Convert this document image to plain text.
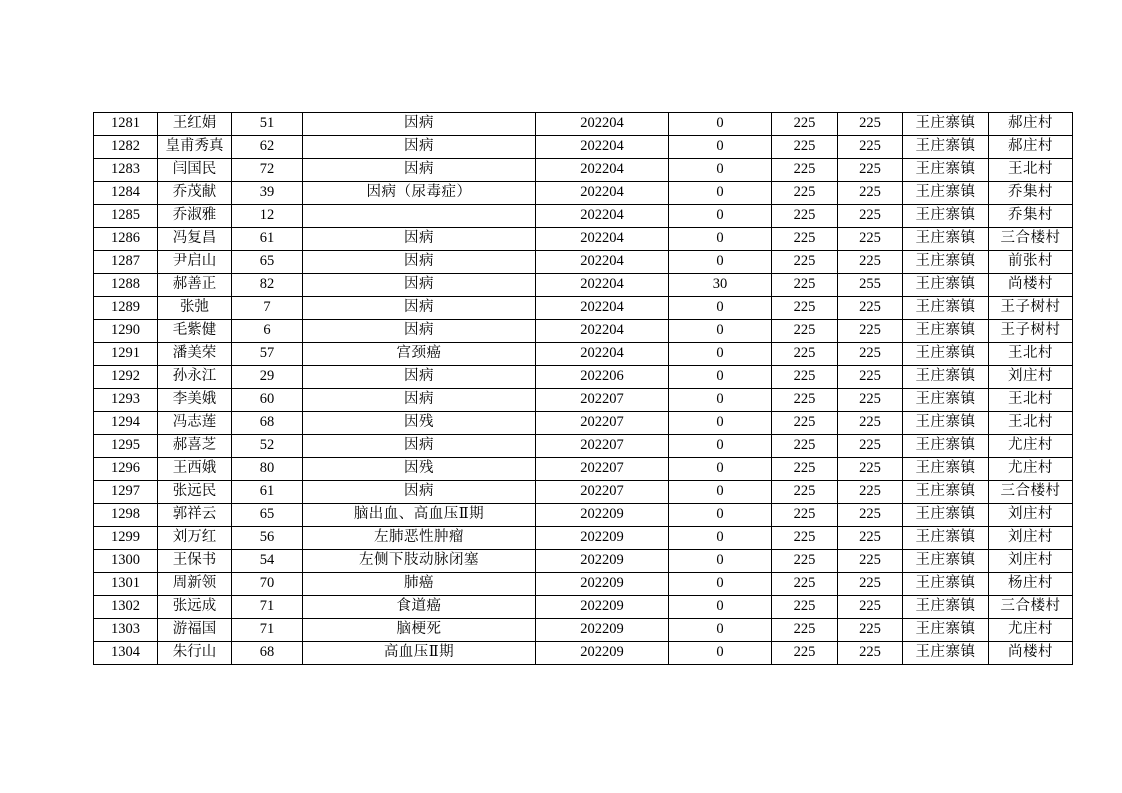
1281	王红娟	51	因病	202204	0	225	225	王庄寨镇	郝庄村
1282	皇甫秀真	62	因病	202204	0	225	225	王庄寨镇	郝庄村
1283	闫国民	72	因病	202204	0	225	225	王庄寨镇	王北村
1284	乔茂献	39	因病（尿毒症）	202204	0	225	225	王庄寨镇	乔集村
1285	乔淑雅	12		202204	0	225	225	王庄寨镇	乔集村
1286	冯复昌	61	因病	202204	0	225	225	王庄寨镇	三合楼村
1287	尹启山	65	因病	202204	0	225	225	王庄寨镇	前张村
1288	郝善正	82	因病	202204	30	225	255	王庄寨镇	尚楼村
1289	张弛	7	因病	202204	0	225	225	王庄寨镇	王子树村
1290	毛紫健	6	因病	202204	0	225	225	王庄寨镇	王子树村
1291	潘美荣	57	宫颈癌	202204	0	225	225	王庄寨镇	王北村
1292	孙永江	29	因病	202206	0	225	225	王庄寨镇	刘庄村
1293	李美娥	60	因病	202207	0	225	225	王庄寨镇	王北村
1294	冯志莲	68	因残	202207	0	225	225	王庄寨镇	王北村
1295	郝喜芝	52	因病	202207	0	225	225	王庄寨镇	尤庄村
1296	王西娥	80	因残	202207	0	225	225	王庄寨镇	尤庄村
1297	张远民	61	因病	202207	0	225	225	王庄寨镇	三合楼村
1298	郭祥云	65	脑出血、高血压Ⅱ期	202209	0	225	225	王庄寨镇	刘庄村
1299	刘万红	56	左肺恶性肿瘤	202209	0	225	225	王庄寨镇	刘庄村
1300	王保书	54	左侧下肢动脉闭塞	202209	0	225	225	王庄寨镇	刘庄村
1301	周新领	70	肺癌	202209	0	225	225	王庄寨镇	杨庄村
1302	张远成	71	食道癌	202209	0	225	225	王庄寨镇	三合楼村
1303	游福国	71	脑梗死	202209	0	225	225	王庄寨镇	尤庄村
1304	朱行山	68	高血压Ⅱ期	202209	0	225	225	王庄寨镇	尚楼村
